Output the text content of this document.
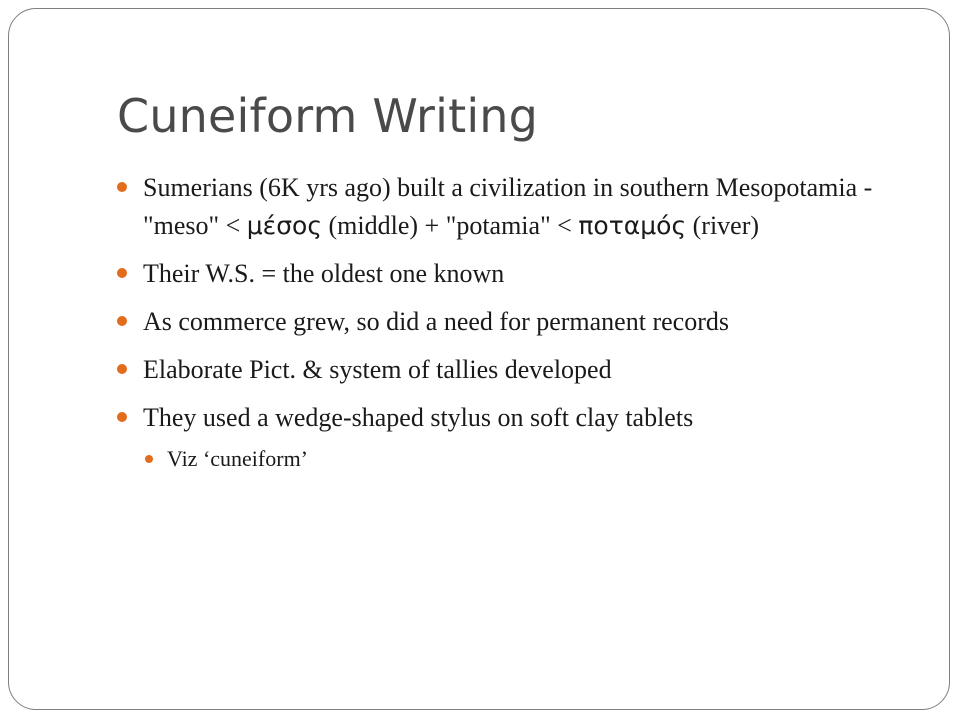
Cuneiform Writing
Sumerians (6K yrs ago) built a civilization in southern Mesopotamia - "meso" < μέσος (middle) + "potamia" < ποταμός (river)
Their W.S. = the oldest one known
As commerce grew, so did a need for permanent records
Elaborate Pict. & system of tallies developed
They used a wedge-shaped stylus on soft clay tablets
Viz ‘cuneiform’
